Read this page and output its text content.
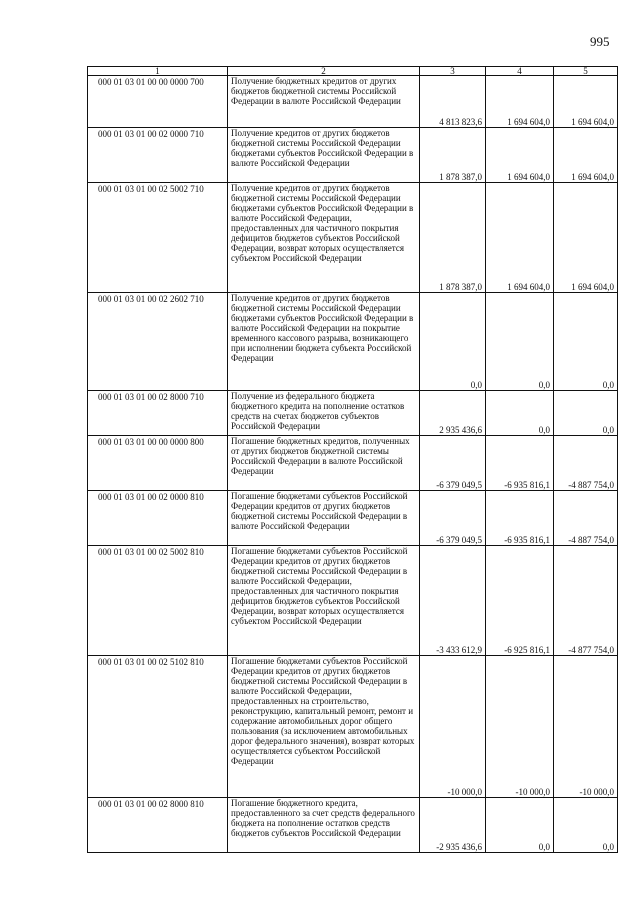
995
1	2	3	4	5
000 01 03 01 00 00 0000 700	Получение бюджетных кредитов от других бюджетов бюджетной системы Российской Федерации в валюте Российской Федерации	4 813 823,6	1 694 604,0	1 694 604,0
000 01 03 01 00 02 0000 710	Получение кредитов от других бюджетов бюджетной системы Российской Федерации бюджетами субъектов Российской Федерации в валюте Российской Федерации	1 878 387,0	1 694 604,0	1 694 604,0
000 01 03 01 00 02 5002 710	Получение кредитов от других бюджетов бюджетной системы Российской Федерации бюджетами субъектов Российской Федерации в валюте Российской Федерации, предоставленных для частичного покрытия дефицитов бюджетов субъектов Российской Федерации, возврат которых осуществляется субъектом Российской Федерации	1 878 387,0	1 694 604,0	1 694 604,0
000 01 03 01 00 02 2602 710	Получение кредитов от других бюджетов бюджетной системы Российской Федерации бюджетами субъектов Российской Федерации в валюте Российской Федерации на покрытие временного кассового разрыва, возникающего при исполнении бюджета субъекта Российской Федерации	0,0	0,0	0,0
000 01 03 01 00 02 8000 710	Получение из федерального бюджета бюджетного кредита на пополнение остатков средств на счетах бюджетов субъектов Российской Федерации	2 935 436,6	0,0	0,0
000 01 03 01 00 00 0000 800	Погашение бюджетных кредитов, полученных от других бюджетов бюджетной системы Российской Федерации в валюте Российской Федерации	-6 379 049,5	-6 935 816,1	-4 887 754,0
000 01 03 01 00 02 0000 810	Погашение бюджетами субъектов Российской Федерации кредитов от других бюджетов бюджетной системы Российской Федерации в валюте Российской Федерации	-6 379 049,5	-6 935 816,1	-4 887 754,0
000 01 03 01 00 02 5002 810	Погашение бюджетами субъектов Российской Федерации кредитов от других бюджетов бюджетной системы Российской Федерации в валюте Российской Федерации, предоставленных для частичного покрытия дефицитов бюджетов субъектов Российской Федерации, возврат которых осуществляется субъектом Российской Федерации	-3 433 612,9	-6 925 816,1	-4 877 754,0
000 01 03 01 00 02 5102 810	Погашение бюджетами субъектов Российской Федерации кредитов от других бюджетов бюджетной системы Российской Федерации в валюте Российской Федерации, предоставленных на строительство, реконструкцию, капитальный ремонт, ремонт и содержание автомобильных дорог общего пользования (за исключением автомобильных дорог федерального значения), возврат которых осуществляется субъектом Российской Федерации	-10 000,0	-10 000,0	-10 000,0
000 01 03 01 00 02 8000 810	Погашение бюджетного кредита, предоставленного за счет средств федерального бюджета на пополнение остатков средств бюджетов субъектов Российской Федерации	-2 935 436,6	0,0	0,0
